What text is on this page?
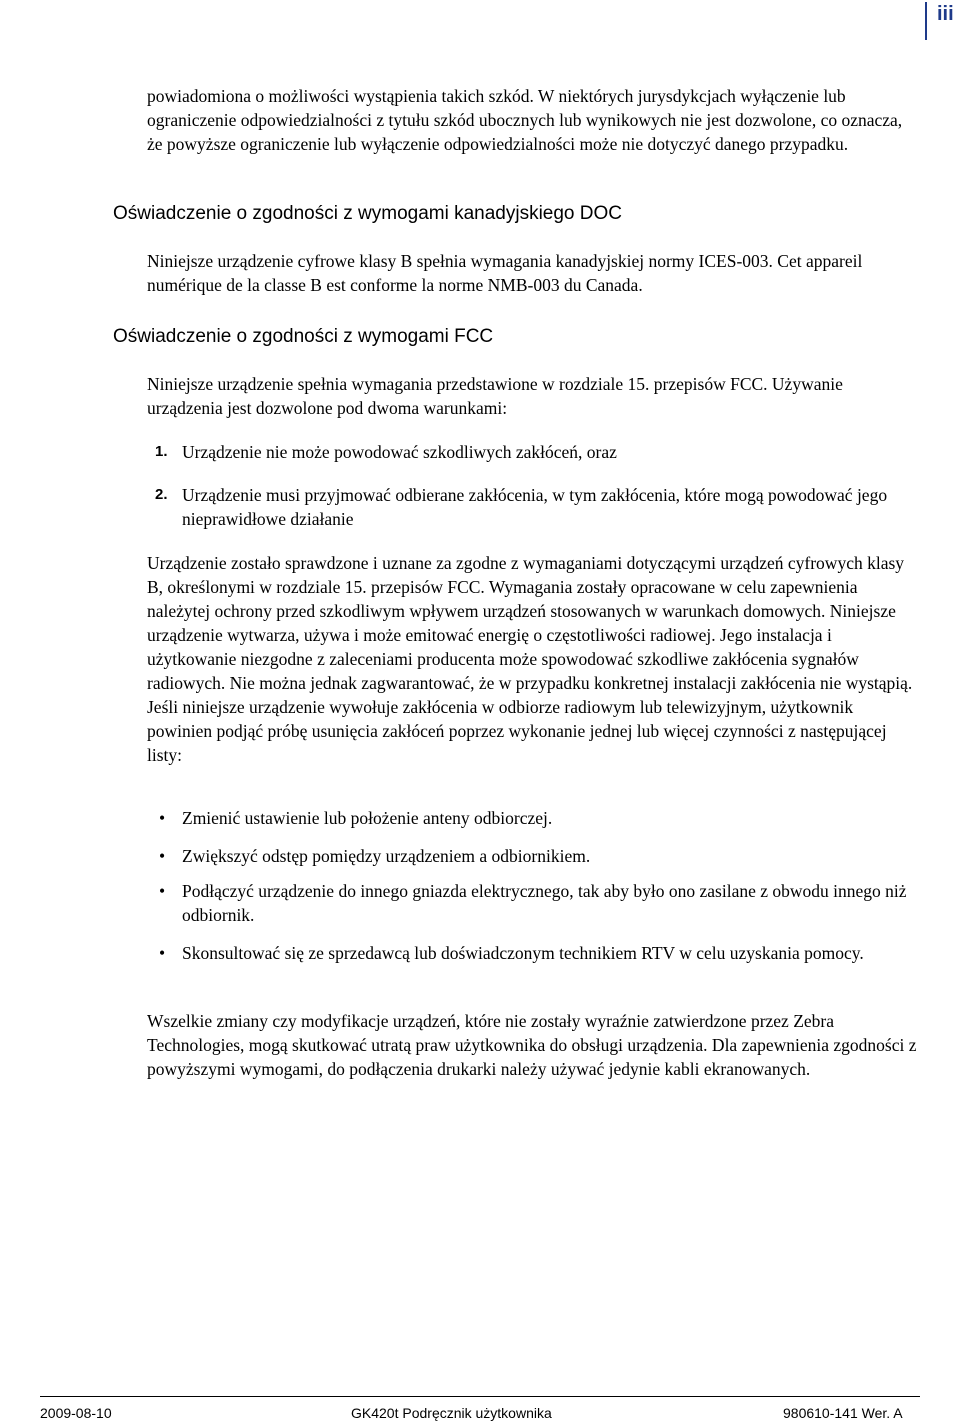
iii

powiadomiona o możliwości wystąpienia takich szkód. W niektórych jurysdykcjach wyłączenie lub ograniczenie odpowiedzialności z tytułu szkód ubocznych lub wynikowych nie jest dozwolone, co oznacza, że powyższe ograniczenie lub wyłączenie odpowiedzialności może nie dotyczyć danego przypadku.

Oświadczenie o zgodności z wymogami kanadyjskiego DOC

Niniejsze urządzenie cyfrowe klasy B spełnia wymagania kanadyjskiej normy ICES-003. Cet appareil numérique de la classe B est conforme la norme NMB-003 du Canada.

Oświadczenie o zgodności z wymogami FCC

Niniejsze urządzenie spełnia wymagania przedstawione w rozdziale 15. przepisów FCC. Używanie urządzenia jest dozwolone pod dwoma warunkami:

1. Urządzenie nie może powodować szkodliwych zakłóceń, oraz
2. Urządzenie musi przyjmować odbierane zakłócenia, w tym zakłócenia, które mogą powodować jego nieprawidłowe działanie

Urządzenie zostało sprawdzone i uznane za zgodne z wymaganiami dotyczącymi urządzeń cyfrowych klasy B, określonymi w rozdziale 15. przepisów FCC. Wymagania zostały opracowane w celu zapewnienia należytej ochrony przed szkodliwym wpływem urządzeń stosowanych w warunkach domowych. Niniejsze urządzenie wytwarza, używa i może emitować energię o częstotliwości radiowej. Jego instalacja i użytkowanie niezgodne z zaleceniami producenta może spowodować szkodliwe zakłócenia sygnałów radiowych. Nie można jednak zagwarantować, że w przypadku konkretnej instalacji zakłócenia nie wystąpią. Jeśli niniejsze urządzenie wywołuje zakłócenia w odbiorze radiowym lub telewizyjnym, użytkownik powinien podjąć próbę usunięcia zakłóceń poprzez wykonanie jednej lub więcej czynności z następującej listy:

• Zmienić ustawienie lub położenie anteny odbiorczej.
• Zwiększyć odstęp pomiędzy urządzeniem a odbiornikiem.
• Podłączyć urządzenie do innego gniazda elektrycznego, tak aby było ono zasilane z obwodu innego niż odbiornik.
• Skonsultować się ze sprzedawcą lub doświadczonym technikiem RTV w celu uzyskania pomocy.

Wszelkie zmiany czy modyfikacje urządzeń, które nie zostały wyraźnie zatwierdzone przez Zebra Technologies, mogą skutkować utratą praw użytkownika do obsługi urządzenia. Dla zapewnienia zgodności z powyższymi wymogami, do podłączenia drukarki należy używać jedynie kabli ekranowanych.

2009-08-10	GK420t Podręcznik użytkownika	980610-141 Wer. A
